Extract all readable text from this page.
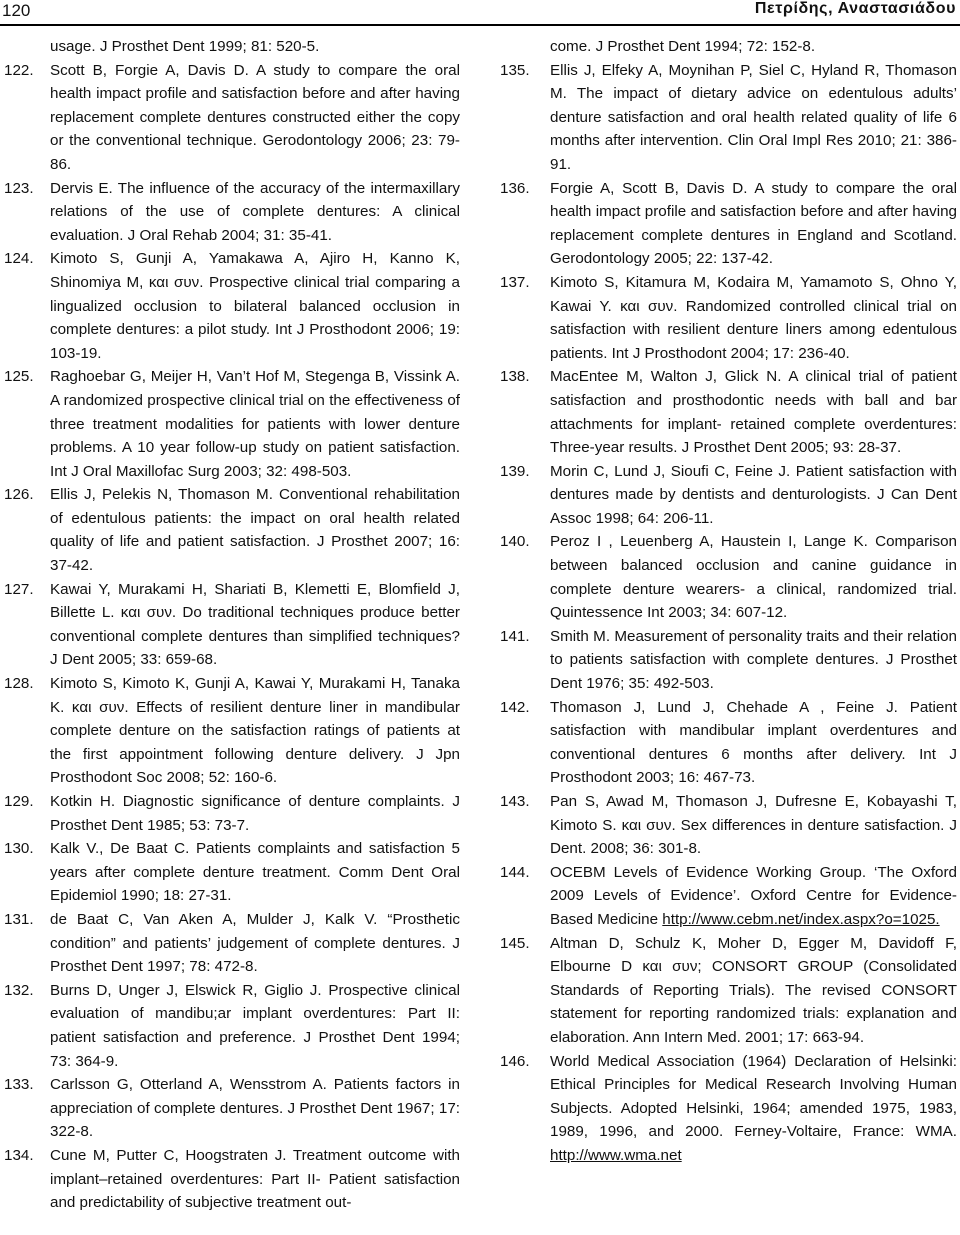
120	Πετρίδης, Αναστασιάδου
usage. J Prosthet Dent 1999; 81: 520-5.
122.	Scott B, Forgie A, Davis D. A study to compare the oral health impact profile and satisfaction before and after having replacement complete dentures constructed either the copy or the conventional technique. Gerodontology 2006; 23: 79-86.
123.	Dervis E. The influence of the accuracy of the intermaxillary relations of the use of complete dentures: A clinical evaluation. J Oral Rehab 2004; 31: 35-41.
124.	Kimoto S, Gunji A, Yamakawa A, Ajiro H, Kanno K, Shinomiya M, και συν. Prospective clinical trial comparing a lingualized occlusion to bilateral balanced occlusion in complete dentures: a pilot study. Int J Prosthodont 2006; 19: 103-19.
125.	Raghoebar G, Meijer H, Van’t Hof M, Stegenga B, Vissink A. A randomized prospective clinical trial on the effectiveness of three treatment modalities for patients with lower denture problems. A 10 year follow-up study on patient satisfaction. Int J Oral Maxillofac Surg 2003; 32: 498-503.
126.	Ellis J, Pelekis N, Thomason M. Conventional rehabilitation of edentulous patients: the impact on oral health related quality of life and patient satisfaction. J Prosthet 2007; 16: 37-42.
127.	Kawai Y, Murakami H, Shariati B, Klemetti E, Blomfield J, Billette L. και συν. Do traditional techniques produce better conventional complete dentures than simplified techniques? J Dent 2005; 33: 659-68.
128.	Kimoto S, Kimoto K, Gunji A, Kawai Y, Murakami H, Tanaka K. και συν. Effects of resilient denture liner in mandibular complete denture on the satisfaction ratings of patients at the first appointment following denture delivery. J Jpn Prosthodont Soc 2008; 52: 160-6.
129.	Kotkin H. Diagnostic significance of denture complaints. J Prosthet Dent 1985; 53: 73-7.
130.	Kalk V., De Baat C. Patients complaints and satisfaction 5 years after complete denture treatment. Comm Dent Oral Epidemiol 1990; 18: 27-31.
131.	de Baat C, Van Aken A, Mulder J, Kalk V. “Prosthetic condition” and patients’ judgement of complete dentures. J Prosthet Dent 1997; 78: 472-8.
132.	Burns D, Unger J, Elswick R, Giglio J. Prospective clinical evaluation of mandibu;ar implant overdentures: Part II: patient satisfaction and preference. J Prosthet Dent 1994; 73: 364-9.
133.	Carlsson G, Otterland A, Wensstrom A. Patients factors in appreciation of complete dentures. J Prosthet Dent 1967; 17: 322-8.
134.	Cune M, Putter C, Hoogstraten J. Treatment outcome with implant–retained overdentures: Part II- Patient satisfaction and predictability of subjective treatment out-
come. J Prosthet Dent 1994; 72: 152-8.
135.	Ellis J, Elfeky A, Moynihan P, Siel C, Hyland R, Thomason M. The impact of dietary advice on edentulous adults’ denture satisfaction and oral health related quality of life 6 months after intervention. Clin Oral Impl Res 2010; 21: 386-91.
136.	Forgie A, Scott B, Davis D. A study to compare the oral health impact profile and satisfaction before and after having replacement complete dentures in England and Scotland. Gerodontology 2005; 22: 137-42.
137.	Kimoto S, Kitamura M, Kodaira M, Yamamoto S, Ohno Y, Kawai Y. και συν. Randomized controlled clinical trial on satisfaction with resilient denture liners among edentulous patients. Int J Prosthodont 2004; 17: 236-40.
138.	MacEntee M, Walton J, Glick N. A clinical trial of patient satisfaction and prosthodontic needs with ball and bar attachments for implant- retained complete overdentures: Three-year results. J Prosthet Dent 2005; 93: 28-37.
139.	Morin C, Lund J, Sioufi C, Feine J. Patient satisfaction with dentures made by dentists and denturologists. J Can Dent Assoc 1998; 64: 206-11.
140.	Peroz I , Leuenberg A, Haustein I, Lange K. Comparison between balanced occlusion and canine guidance in complete denture wearers- a clinical, randomized trial. Quintessence Int 2003; 34: 607-12.
141.	Smith M. Measurement of personality traits and their relation to patients satisfaction with complete dentures. J Prosthet Dent 1976; 35: 492-503.
142.	Thomason J, Lund J, Chehade A , Feine J. Patient satisfaction with mandibular implant overdentures and conventional dentures 6 months after delivery. Int J Prosthodont 2003; 16: 467-73.
143.	Pan S, Awad M, Thomason J, Dufresne E, Kobayashi T, Kimoto S. και συν. Sex differences in denture satisfaction. J Dent. 2008; 36: 301-8.
144.	OCEBM Levels of Evidence Working Group. ‘The Oxford 2009 Levels of Evidence’. Oxford Centre for Evidence-Based Medicine http://www.cebm.net/index.aspx?o=1025.
145.	Altman D, Schulz K, Moher D, Egger M, Davidoff F, Elbourne D και συν; CONSORT GROUP (Consolidated Standards of Reporting Trials). The revised CONSORT statement for reporting randomized trials: explanation and elaboration. Ann Intern Med. 2001; 17: 663-94.
146.	World Medical Association (1964) Declaration of Helsinki: Ethical Principles for Medical Research Involving Human Subjects. Adopted Helsinki, 1964; amended 1975, 1983, 1989, 1996, and 2000. Ferney-Voltaire, France: WMA. http://www.wma.net
